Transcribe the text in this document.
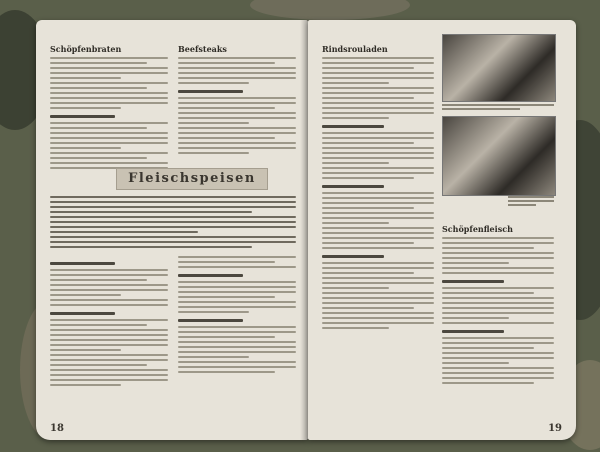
Schöpfenbraten	Beefsteaks
Fleischspeisen
18
Rindsrouladen
Schöpfenfleisch
19
